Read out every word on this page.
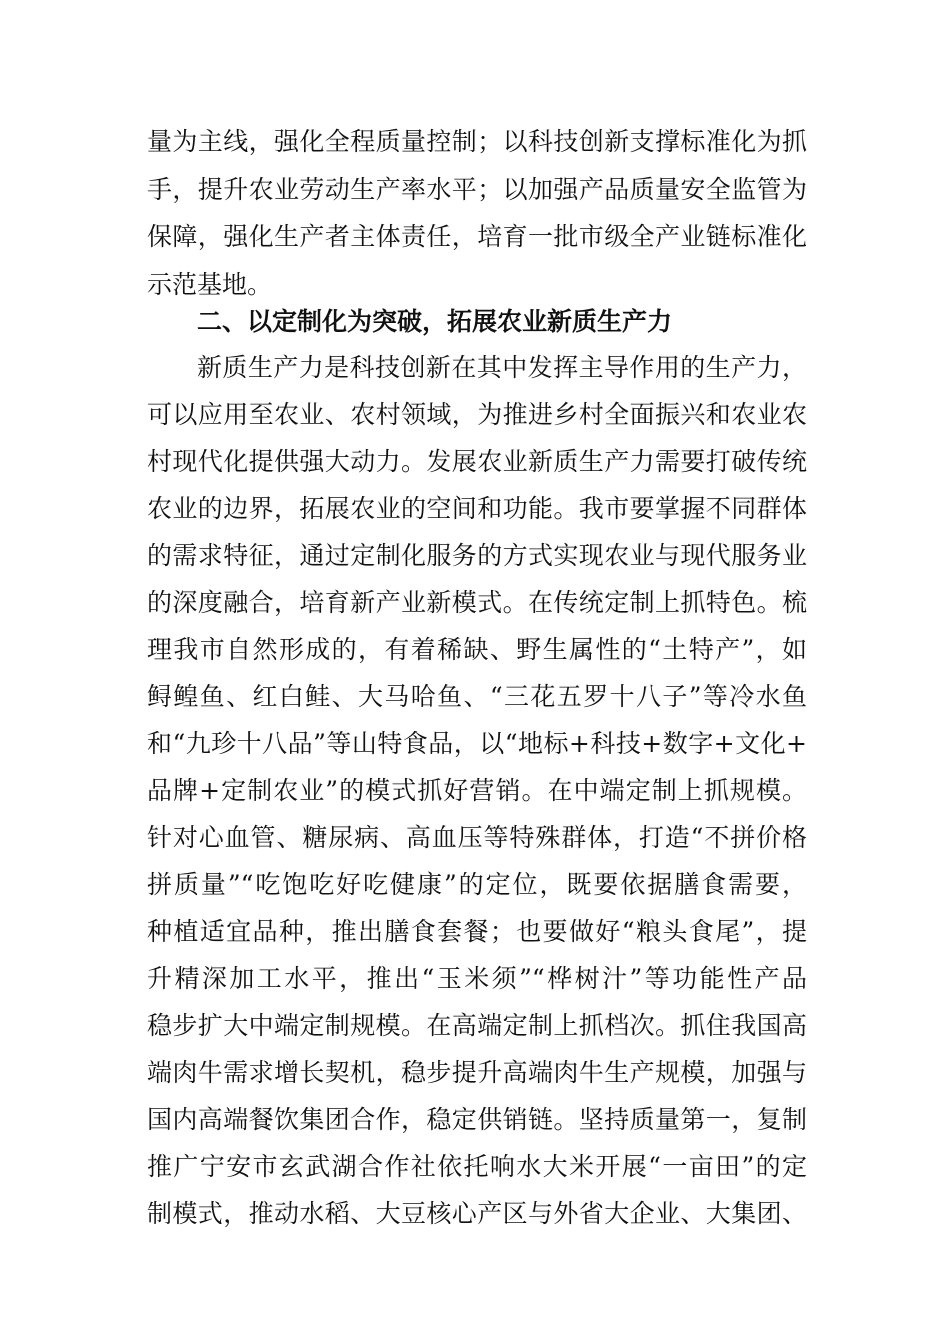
量为主线，强化全程质量控制；以科技创新支撑标准化为抓
手，提升农业劳动生产率水平；以加强产品质量安全监管为
保障，强化生产者主体责任，培育一批市级全产业链标准化
示范基地。
二、以定制化为突破，拓展农业新质生产力
新质生产力是科技创新在其中发挥主导作用的生产力，
可以应用至农业、农村领域，为推进乡村全面振兴和农业农
村现代化提供强大动力。发展农业新质生产力需要打破传统
农业的边界，拓展农业的空间和功能。我市要掌握不同群体
的需求特征，通过定制化服务的方式实现农业与现代服务业
的深度融合，培育新产业新模式。在传统定制上抓特色。梳
理我市自然形成的，有着稀缺、野生属性的“土特产”，如
鲟鳇鱼、红白鲑、大马哈鱼、“三花五罗十八子”等冷水鱼
和“九珍十八品”等山特食品，以“地标+科技+数字+文化+
品牌+定制农业”的模式抓好营销。在中端定制上抓规模。
针对心血管、糖尿病、高血压等特殊群体，打造“不拼价格
拼质量”“吃饱吃好吃健康”的定位，既要依据膳食需要，
种植适宜品种，推出膳食套餐；也要做好“粮头食尾”，提
升精深加工水平，推出“玉米须”“桦树汁”等功能性产品
稳步扩大中端定制规模。在高端定制上抓档次。抓住我国高
端肉牛需求增长契机，稳步提升高端肉牛生产规模，加强与
国内高端餐饮集团合作，稳定供销链。坚持质量第一，复制
推广宁安市玄武湖合作社依托响水大米开展“一亩田”的定
制模式，推动水稻、大豆核心产区与外省大企业、大集团、
